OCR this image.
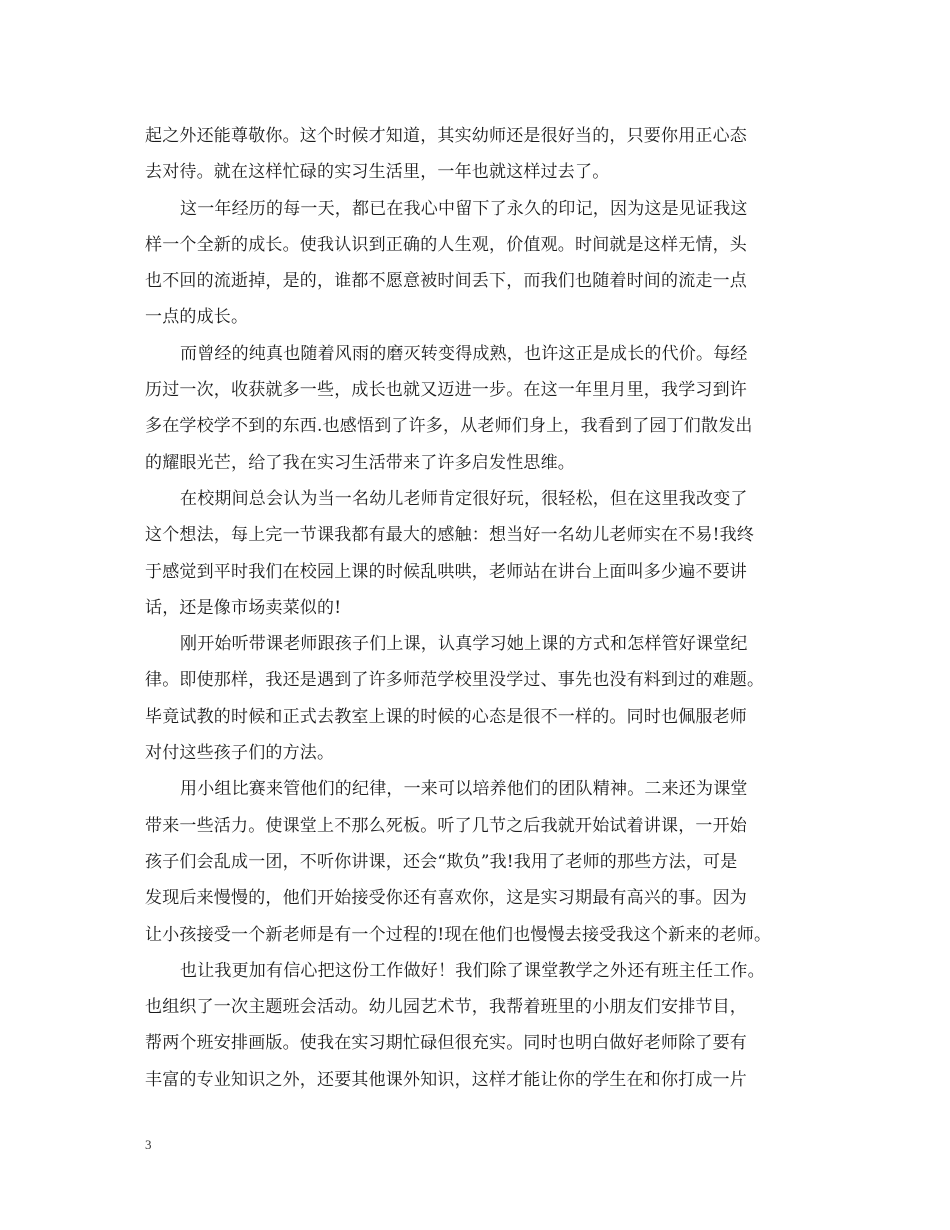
起之外还能尊敬你。这个时候才知道，其实幼师还是很好当的，只要你用正心态
去对待。就在这样忙碌的实习生活里，一年也就这样过去了。
这一年经历的每一天，都已在我心中留下了永久的印记，因为这是见证我这
样一个全新的成长。使我认识到正确的人生观，价值观。时间就是这样无情，头
也不回的流逝掉，是的，谁都不愿意被时间丢下，而我们也随着时间的流走一点
一点的成长。
而曾经的纯真也随着风雨的磨灭转变得成熟，也许这正是成长的代价。每经
历过一次，收获就多一些，成长也就又迈进一步。在这一年里月里，我学习到许
多在学校学不到的东西.也感悟到了许多，从老师们身上，我看到了园丁们散发出
的耀眼光芒，给了我在实习生活带来了许多启发性思维。
在校期间总会认为当一名幼儿老师肯定很好玩，很轻松，但在这里我改变了
这个想法，每上完一节课我都有最大的感触：想当好一名幼儿老师实在不易!我终
于感觉到平时我们在校园上课的时候乱哄哄，老师站在讲台上面叫多少遍不要讲
话，还是像市场卖菜似的!
刚开始听带课老师跟孩子们上课，认真学习她上课的方式和怎样管好课堂纪
律。即使那样，我还是遇到了许多师范学校里没学过、事先也没有料到过的难题。
毕竟试教的时候和正式去教室上课的时候的心态是很不一样的。同时也佩服老师
对付这些孩子们的方法。
用小组比赛来管他们的纪律，一来可以培养他们的团队精神。二来还为课堂
带来一些活力。使课堂上不那么死板。听了几节之后我就开始试着讲课，一开始
孩子们会乱成一团，不听你讲课，还会“欺负”我!我用了老师的那些方法，可是
发现后来慢慢的，他们开始接受你还有喜欢你，这是实习期最有高兴的事。因为
让小孩接受一个新老师是有一个过程的!现在他们也慢慢去接受我这个新来的老师。
也让我更加有信心把这份工作做好！我们除了课堂教学之外还有班主任工作。
也组织了一次主题班会活动。幼儿园艺术节，我帮着班里的小朋友们安排节目，
帮两个班安排画版。使我在实习期忙碌但很充实。同时也明白做好老师除了要有
丰富的专业知识之外，还要其他课外知识，这样才能让你的学生在和你打成一片
3
